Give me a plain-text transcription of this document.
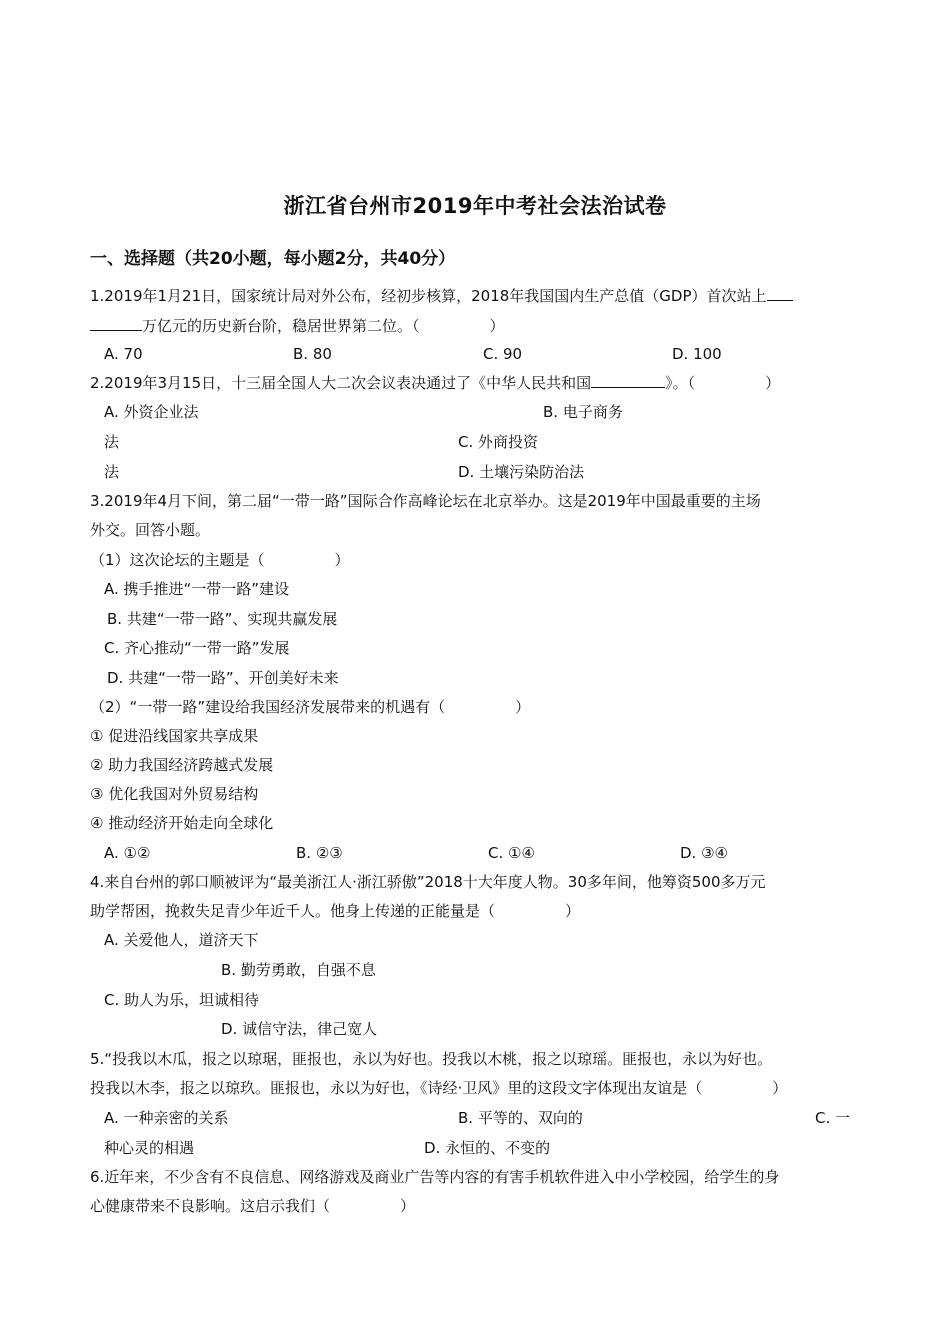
浙江省台州市2019年中考社会法治试卷
一、选择题（共20小题，每小题2分，共40分）
1.2019年1月21日，国家统计局对外公布，经初步核算，2018年我国国内生产总值（GDP）首次站上
万亿元的历史新台阶，稳居世界第二位。（	）
A. 70	B. 80	C. 90	D. 100
2.2019年3月15日，十三届全国人大二次会议表决通过了《中华人民共和国	》。（	）
A. 外资企业法	B. 电子商务
法	C. 外商投资
法	D. 土壤污染防治法
3.2019年4月下间，第二届“一带一路”国际合作高峰论坛在北京举办。这是2019年中国最重要的主场
外交。回答小题。
（1）这次论坛的主题是（	）
A. 携手推进“一带一路”建设
B. 共建“一带一路”、实现共赢发展
C. 齐心推动“一带一路”发展
D. 共建“一带一路”、开创美好未来
（2）“一带一路”建设给我国经济发展带来的机遇有（	）
① 促进沿线国家共享成果
② 助力我国经济跨越式发展
③ 优化我国对外贸易结构
④ 推动经济开始走向全球化
A. ①②	B. ②③	C. ①④	D. ③④
4.来自台州的郭口顺被评为“最美浙江人·浙江骄傲”2018十大年度人物。30多年间，他筹资500多万元
助学帮困，挽救失足青少年近千人。他身上传递的正能量是（	）
A. 关爱他人，道济天下
B. 勤劳勇敢，自强不息
C. 助人为乐，坦诚相待
D. 诚信守法，律己宽人
5.“投我以木瓜，报之以琼琚，匪报也，永以为好也。投我以木桃，报之以琼瑶。匪报也，永以为好也。
投我以木李，报之以琼玖。匪报也，永以为好也，《诗经·卫风》里的这段文字体现出友谊是（	）
A. 一种亲密的关系	B. 平等的、双向的	C. 一
种心灵的相遇	D. 永恒的、不变的
6.近年来，不少含有不良信息、网络游戏及商业广告等内容的有害手机软件进入中小学校园，给学生的身
心健康带来不良影响。这启示我们（	）
